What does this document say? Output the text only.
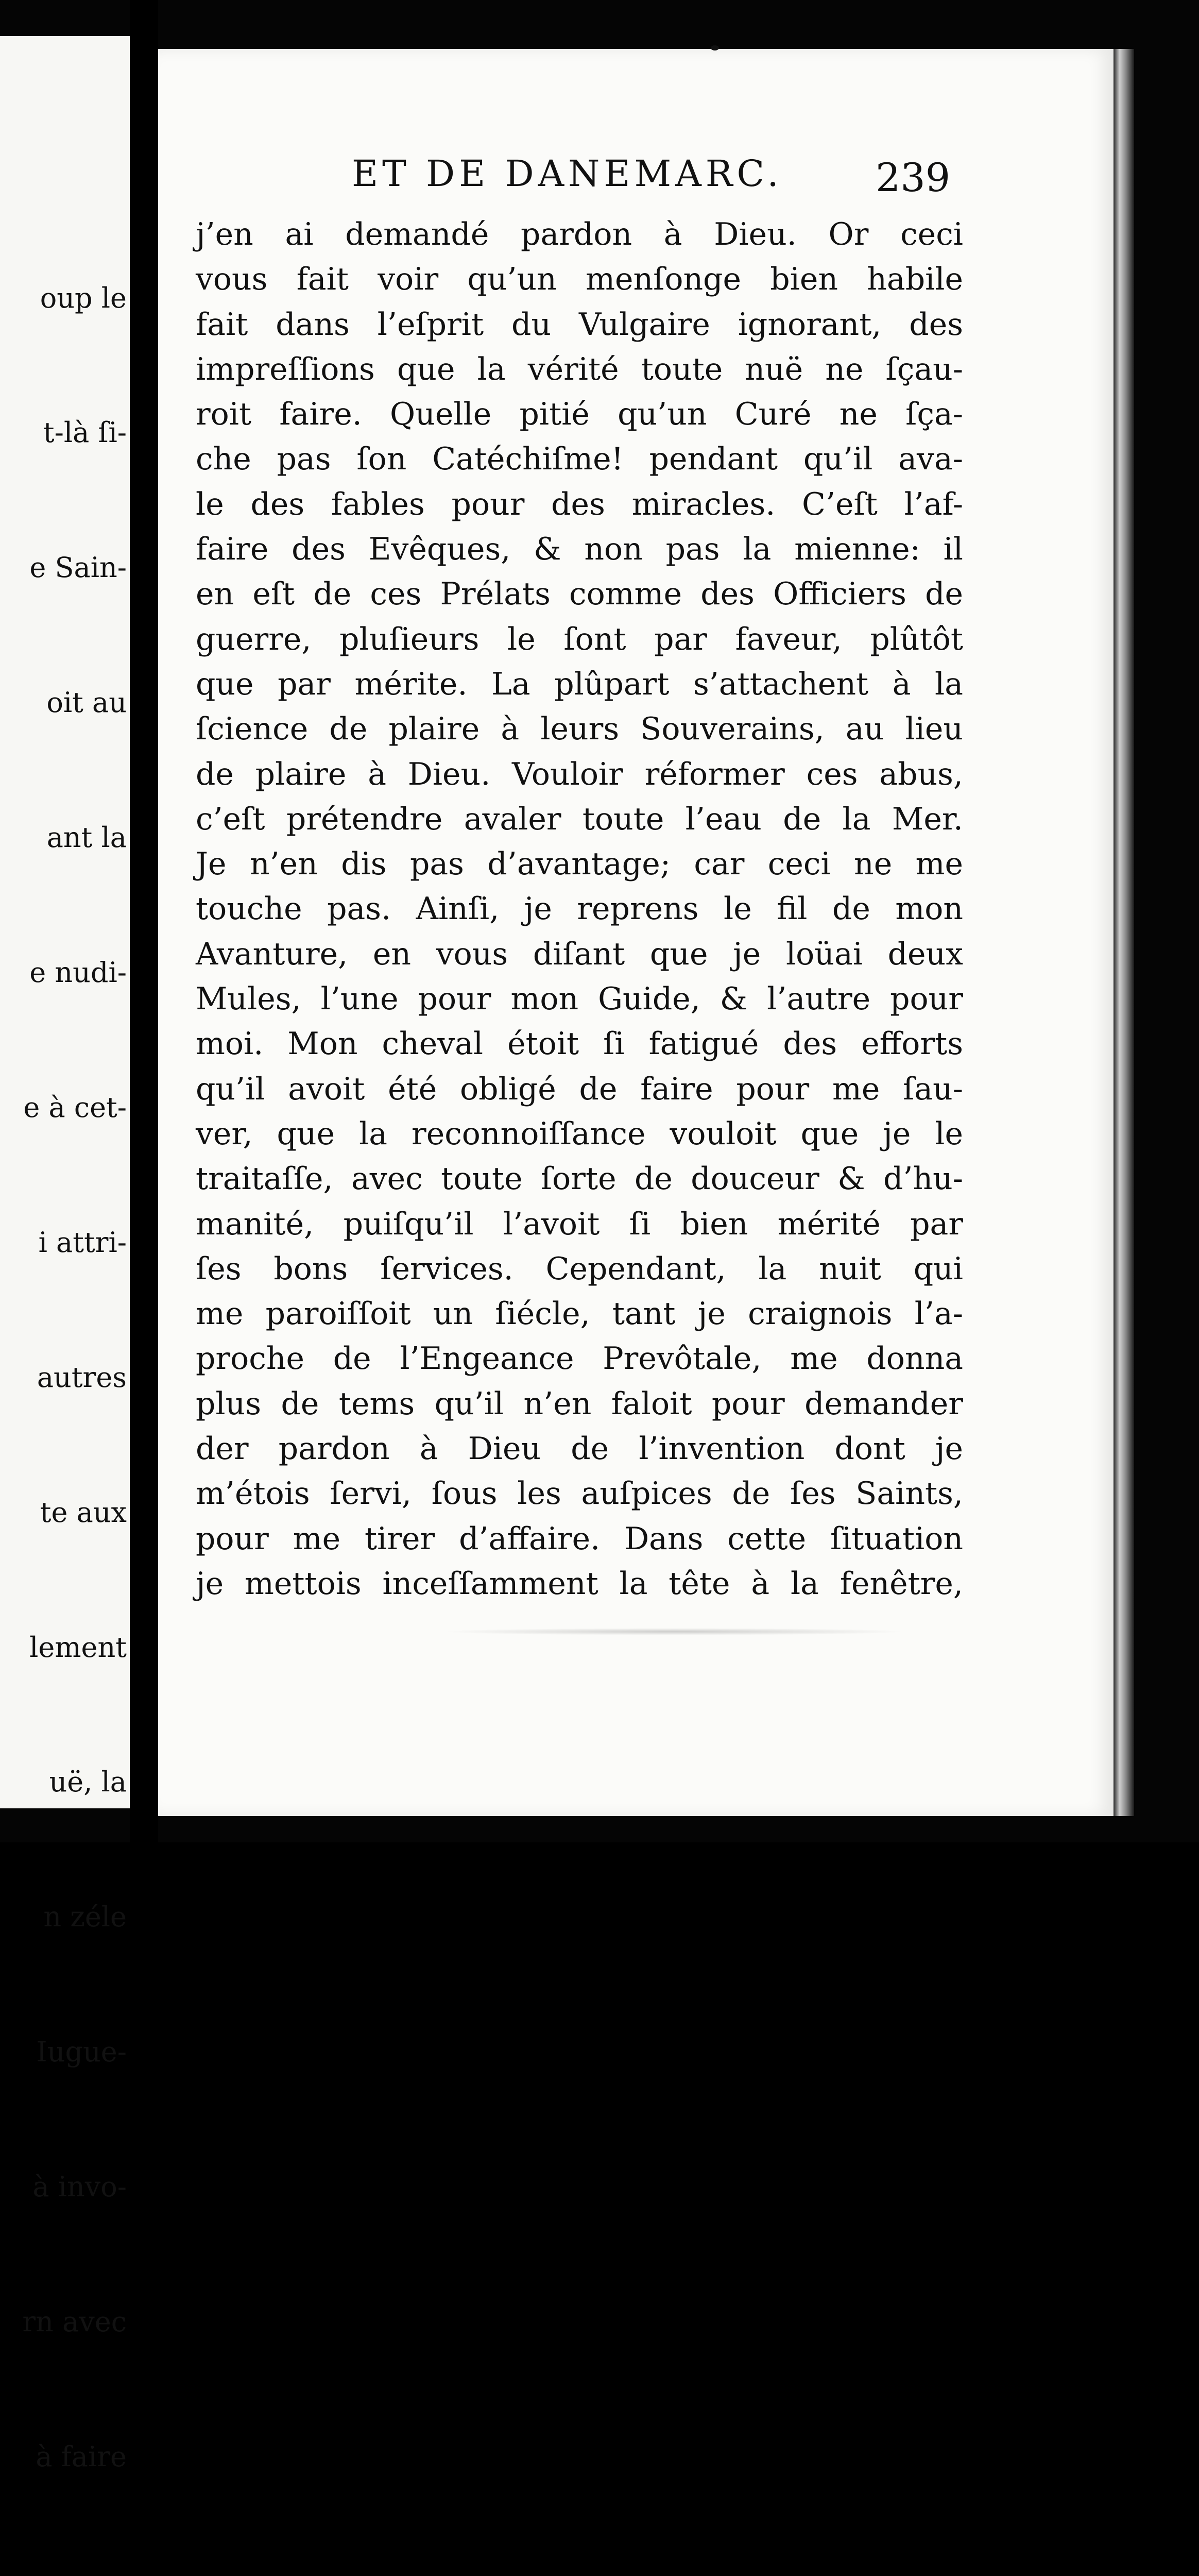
oup le

t-là ſi-

e Sain-

oit au

ant la

e nudi-

e à cet-

i attri-

autres

te aux

lement

uë, la

n zéle

Iugue-

à invo-

rn avec

à faire

ET DE DANEMARC. 239
j’en ai demandé pardon à Dieu. Or ceci
vous fait voir qu’un menſonge bien habile
fait dans l’eſprit du Vulgaire ignorant, des
impreſſions que la vérité toute nuë ne ſçau-
roit faire. Quelle pitié qu’un Curé ne ſça-
che pas ſon Catéchiſme! pendant qu’il ava-
le des fables pour des miracles. C’eſt l’af-
faire des Evêques, & non pas la mienne: il
en eſt de ces Prélats comme des Officiers de
guerre, pluſieurs le ſont par faveur, plûtôt
que par mérite. La plûpart s’attachent à la
ſcience de plaire à leurs Souverains, au lieu
de plaire à Dieu. Vouloir réformer ces abus,
c’eſt prétendre avaler toute l’eau de la Mer.
Je n’en dis pas d’avantage; car ceci ne me
touche pas. Ainſi, je reprens le fil de mon
Avanture, en vous diſant que je loüai deux
Mules, l’une pour mon Guide, & l’autre pour
moi. Mon cheval étoit ſi fatigué des efforts
qu’il avoit été obligé de faire pour me ſau-
ver, que la reconnoiſſance vouloit que je le
traitaſſe, avec toute ſorte de douceur & d’hu-
manité, puiſqu’il l’avoit ſi bien mérité par
ſes bons ſervices. Cependant, la nuit qui
me paroiſſoit un ſiécle, tant je craignois l’a-
proche de l’Engeance Prevôtale, me donna
plus de tems qu’il n’en faloit pour demander
der pardon à Dieu de l’invention dont je
m’étois ſervi, ſous les auſpices de ſes Saints,
pour me tirer d’affaire. Dans cette ſituation
je mettois inceſſamment la tête à la fenêtre,
